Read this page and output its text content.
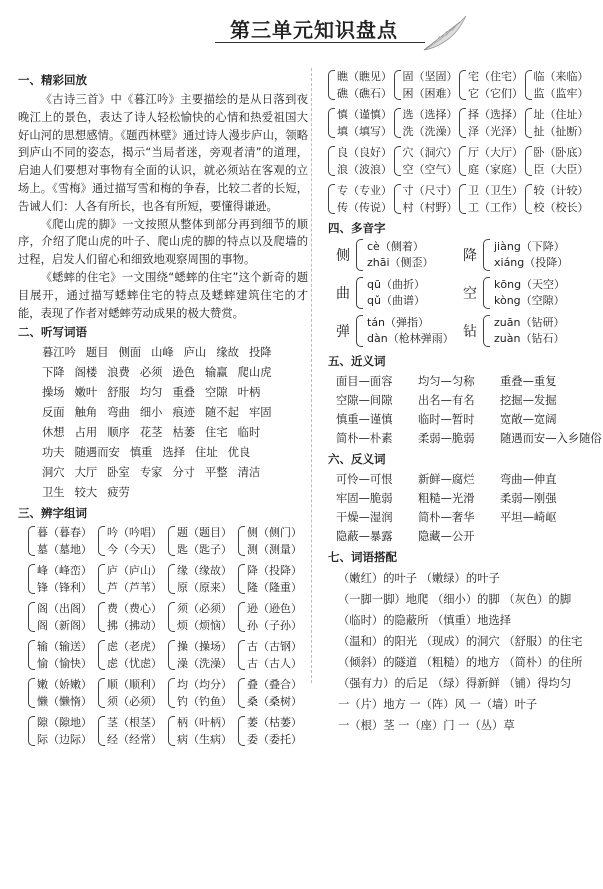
第三单元知识盘点
一、精彩回放

《古诗三首》中《暮江吟》主要描绘的是从日落到夜晚江上的景色，表达了诗人轻松愉快的心情和热爱祖国大好山河的思想感情。《题西林壁》通过诗人漫步庐山，领略到庐山不同的姿态，揭示“当局者迷，旁观者清”的道理，启迪人们要想对事物有全面的认识，就必须站在客观的立场上。《雪梅》通过描写雪和梅的争春，比较二者的长短，告诫人们：人各有所长，也各有所短，要懂得谦逊。

《爬山虎的脚》一文按照从整体到部分再到细节的顺序，介绍了爬山虎的叶子、爬山虎的脚的特点以及爬墙的过程，启发人们留心和细致地观察周围的事物。

《蟋蟀的住宅》一文围绕“蟋蟀的住宅”这个新奇的题目展开，通过描写蟋蟀住宅的特点及蟋蟀建筑住宅的才能，表现了作者对蟋蟀劳动成果的极大赞赏。

二、听写词语
暮江吟 题目 侧面 山峰 庐山 缘故 投降
下降 阁楼 浪费 必须 逊色 输赢 爬山虎
操场 嫩叶 舒服 均匀 重叠 空隙 叶柄
反面 触角 弯曲 细小 痕迹 随不起 牢固
休想 占用 顺序 花茎 枯萎 住宅 临时
功夫 随遇而安 慎重 选择 住址 优良
洞穴 大厅 卧室 专家 分寸 平整 清洁
卫生 较大 疲劳
三、辨字组词
暮（暮春）
墓（墓地）
吟（吟唱）
今（今天）
题（题目）
匙（匙子）
侧（侧门）
测（测量）
峰（峰峦）
锋（锋利）
庐（庐山）
芦（芦苇）
缘（缘故）
原（原来）
降（投降）
隆（隆重）
阁（出阁）
阁（新阁）
费（费心）
拂（拂动）
须（必须）
烦（烦恼）
逊（逊色）
孙（子孙）
输（输送）
愉（愉快）
虑（老虎）
虑（忧虑）
操（操场）
澡（洗澡）
古（古钢）
古（古人）
嫩（娇嫩）
懒（懒惰）
顺（顺利）
须（必须）
均（均分）
钓（钓鱼）
叠（叠合）
桑（桑树）
隙（隙地）
际（边际）
茎（根茎）
经（经常）
柄（叶柄）
病（生病）
萎（枯萎）
委（委托）
瞧（瞧见）
礁（礁石）
固（坚固）
困（困难）
宅（住宅）
它（它们）
临（来临）
监（监牢）
慎（谨慎）
填（填写）
选（选择）
洗（洗澡）
择（选择）
泽（光泽）
址（住址）
扯（扯断）
良（良好）
浪（波浪）
穴（洞穴）
空（空气）
厅（大厅）
庭（家庭）
卧（卧底）
臣（大臣）
专（专业）
传（传说）
寸（尺寸）
村（村野）
卫（卫生）
工（工作）
较（计较）
校（校长）
四、多音字
侧
cè（侧着）
zhāi（侧歪） 降
jiàng（下降）
xiáng（投降）
曲
qū（曲折）
qǔ（曲谱）	空
kōng（天空）
kòng（空隙）
弹
tán（弹指）
dàn（枪林弹雨） 钻
zuān（钻研）
zuàn（钻石）
五、近义词
面目—面容 均匀—匀称 重叠—重复
空隙—间隙 出名—有名 挖掘—发掘
慎重—谨慎 临时—暂时 宽敞—宽阔
简朴—朴素 柔弱—脆弱 随遇而安—入乡随俗
六、反义词
可怜—可恨 新鲜—腐烂 弯曲—伸直
牢固—脆弱 粗糙—光滑 柔弱—刚强
干燥—湿润 简朴—奢华 平坦—崎岖
隐蔽—暴露 隐藏—公开
七、词语搭配
（嫩红）的叶子 （嫩绿）的叶子
（一脚一脚）地爬 （细小）的脚 （灰色）的脚
（临时）的隐蔽所 （慎重）地选择
（温和）的阳光 （现成）的洞穴 （舒服）的住宅
（倾斜）的隧道 （粗糙）的地方 （简朴）的住所
（强有力）的后足 （绿）得新鲜 （铺）得均匀
一（片）地方 一（阵）风 一（墙）叶子
一（根）茎 一（座）门 一（丛）草
